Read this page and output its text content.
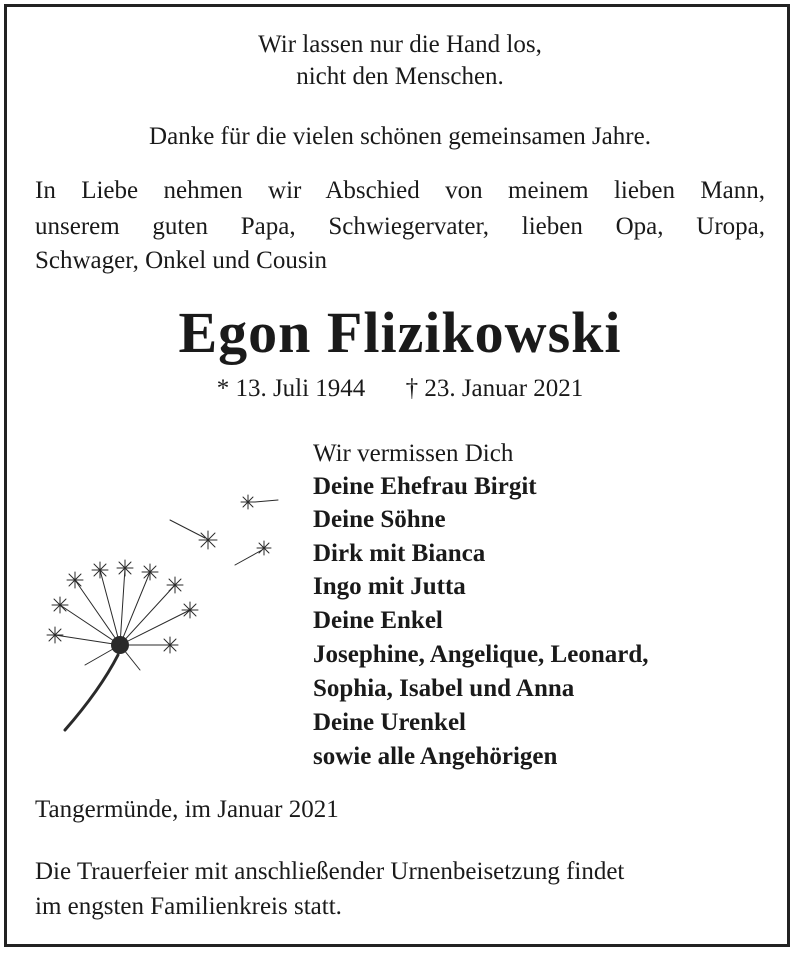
Wir lassen nur die Hand los,
nicht den Menschen.
Danke für die vielen schönen gemeinsamen Jahre.
In Liebe nehmen wir Abschied von meinem lieben Mann,
unserem guten Papa, Schwiegervater, lieben Opa, Uropa,
Schwager, Onkel und Cousin
Egon Flizikowski
* 13. Juli 1944 † 23. Januar 2021
Wir vermissen Dich
Deine Ehefrau Birgit
Deine Söhne
Dirk mit Bianca
Ingo mit Jutta
Deine Enkel
Josephine, Angelique, Leonard,
Sophia, Isabel und Anna
Deine Urenkel
sowie alle Angehörigen
Tangermünde, im Januar 2021
Die Trauerfeier mit anschließender Urnenbeisetzung findet
im engsten Familienkreis statt.
